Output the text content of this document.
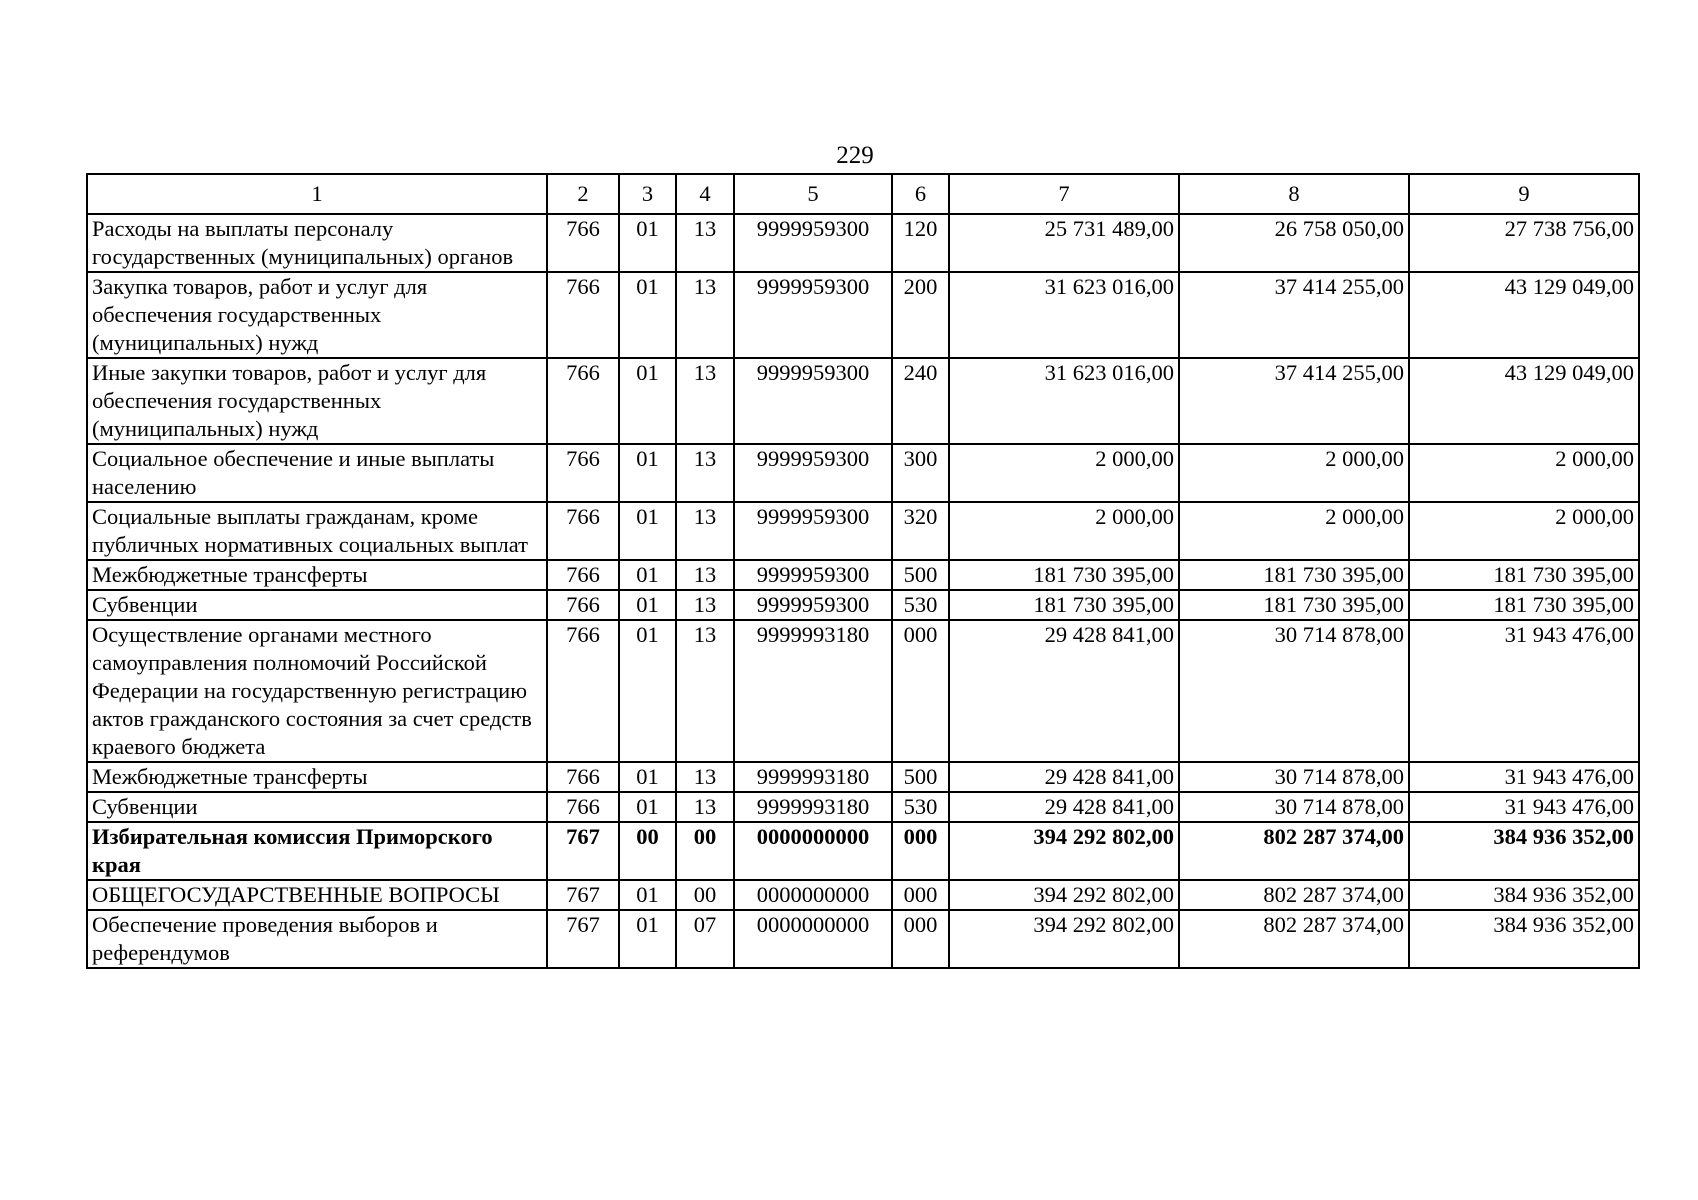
229
1	2	3	4	5	6	7	8	9
Расходы на выплаты персоналу государственных (муниципальных) органов	766	01	13	9999959300	120	25 731 489,00	26 758 050,00	27 738 756,00
Закупка товаров, работ и услуг для обеспечения государственных (муниципальных) нужд	766	01	13	9999959300	200	31 623 016,00	37 414 255,00	43 129 049,00
Иные закупки товаров, работ и услуг для обеспечения государственных (муниципальных) нужд	766	01	13	9999959300	240	31 623 016,00	37 414 255,00	43 129 049,00
Социальное обеспечение и иные выплаты населению	766	01	13	9999959300	300	2 000,00	2 000,00	2 000,00
Социальные выплаты гражданам, кроме публичных нормативных социальных выплат	766	01	13	9999959300	320	2 000,00	2 000,00	2 000,00
Межбюджетные трансферты	766	01	13	9999959300	500	181 730 395,00	181 730 395,00	181 730 395,00
Субвенции	766	01	13	9999959300	530	181 730 395,00	181 730 395,00	181 730 395,00
Осуществление органами местного самоуправления полномочий Российской Федерации на государственную регистрацию актов гражданского состояния за счет средств краевого бюджета	766	01	13	9999993180	000	29 428 841,00	30 714 878,00	31 943 476,00
Межбюджетные трансферты	766	01	13	9999993180	500	29 428 841,00	30 714 878,00	31 943 476,00
Субвенции	766	01	13	9999993180	530	29 428 841,00	30 714 878,00	31 943 476,00
Избирательная комиссия Приморского края	767	00	00	0000000000	000	394 292 802,00	802 287 374,00	384 936 352,00
ОБЩЕГОСУДАРСТВЕННЫЕ ВОПРОСЫ	767	01	00	0000000000	000	394 292 802,00	802 287 374,00	384 936 352,00
Обеспечение проведения выборов и референдумов	767	01	07	0000000000	000	394 292 802,00	802 287 374,00	384 936 352,00
